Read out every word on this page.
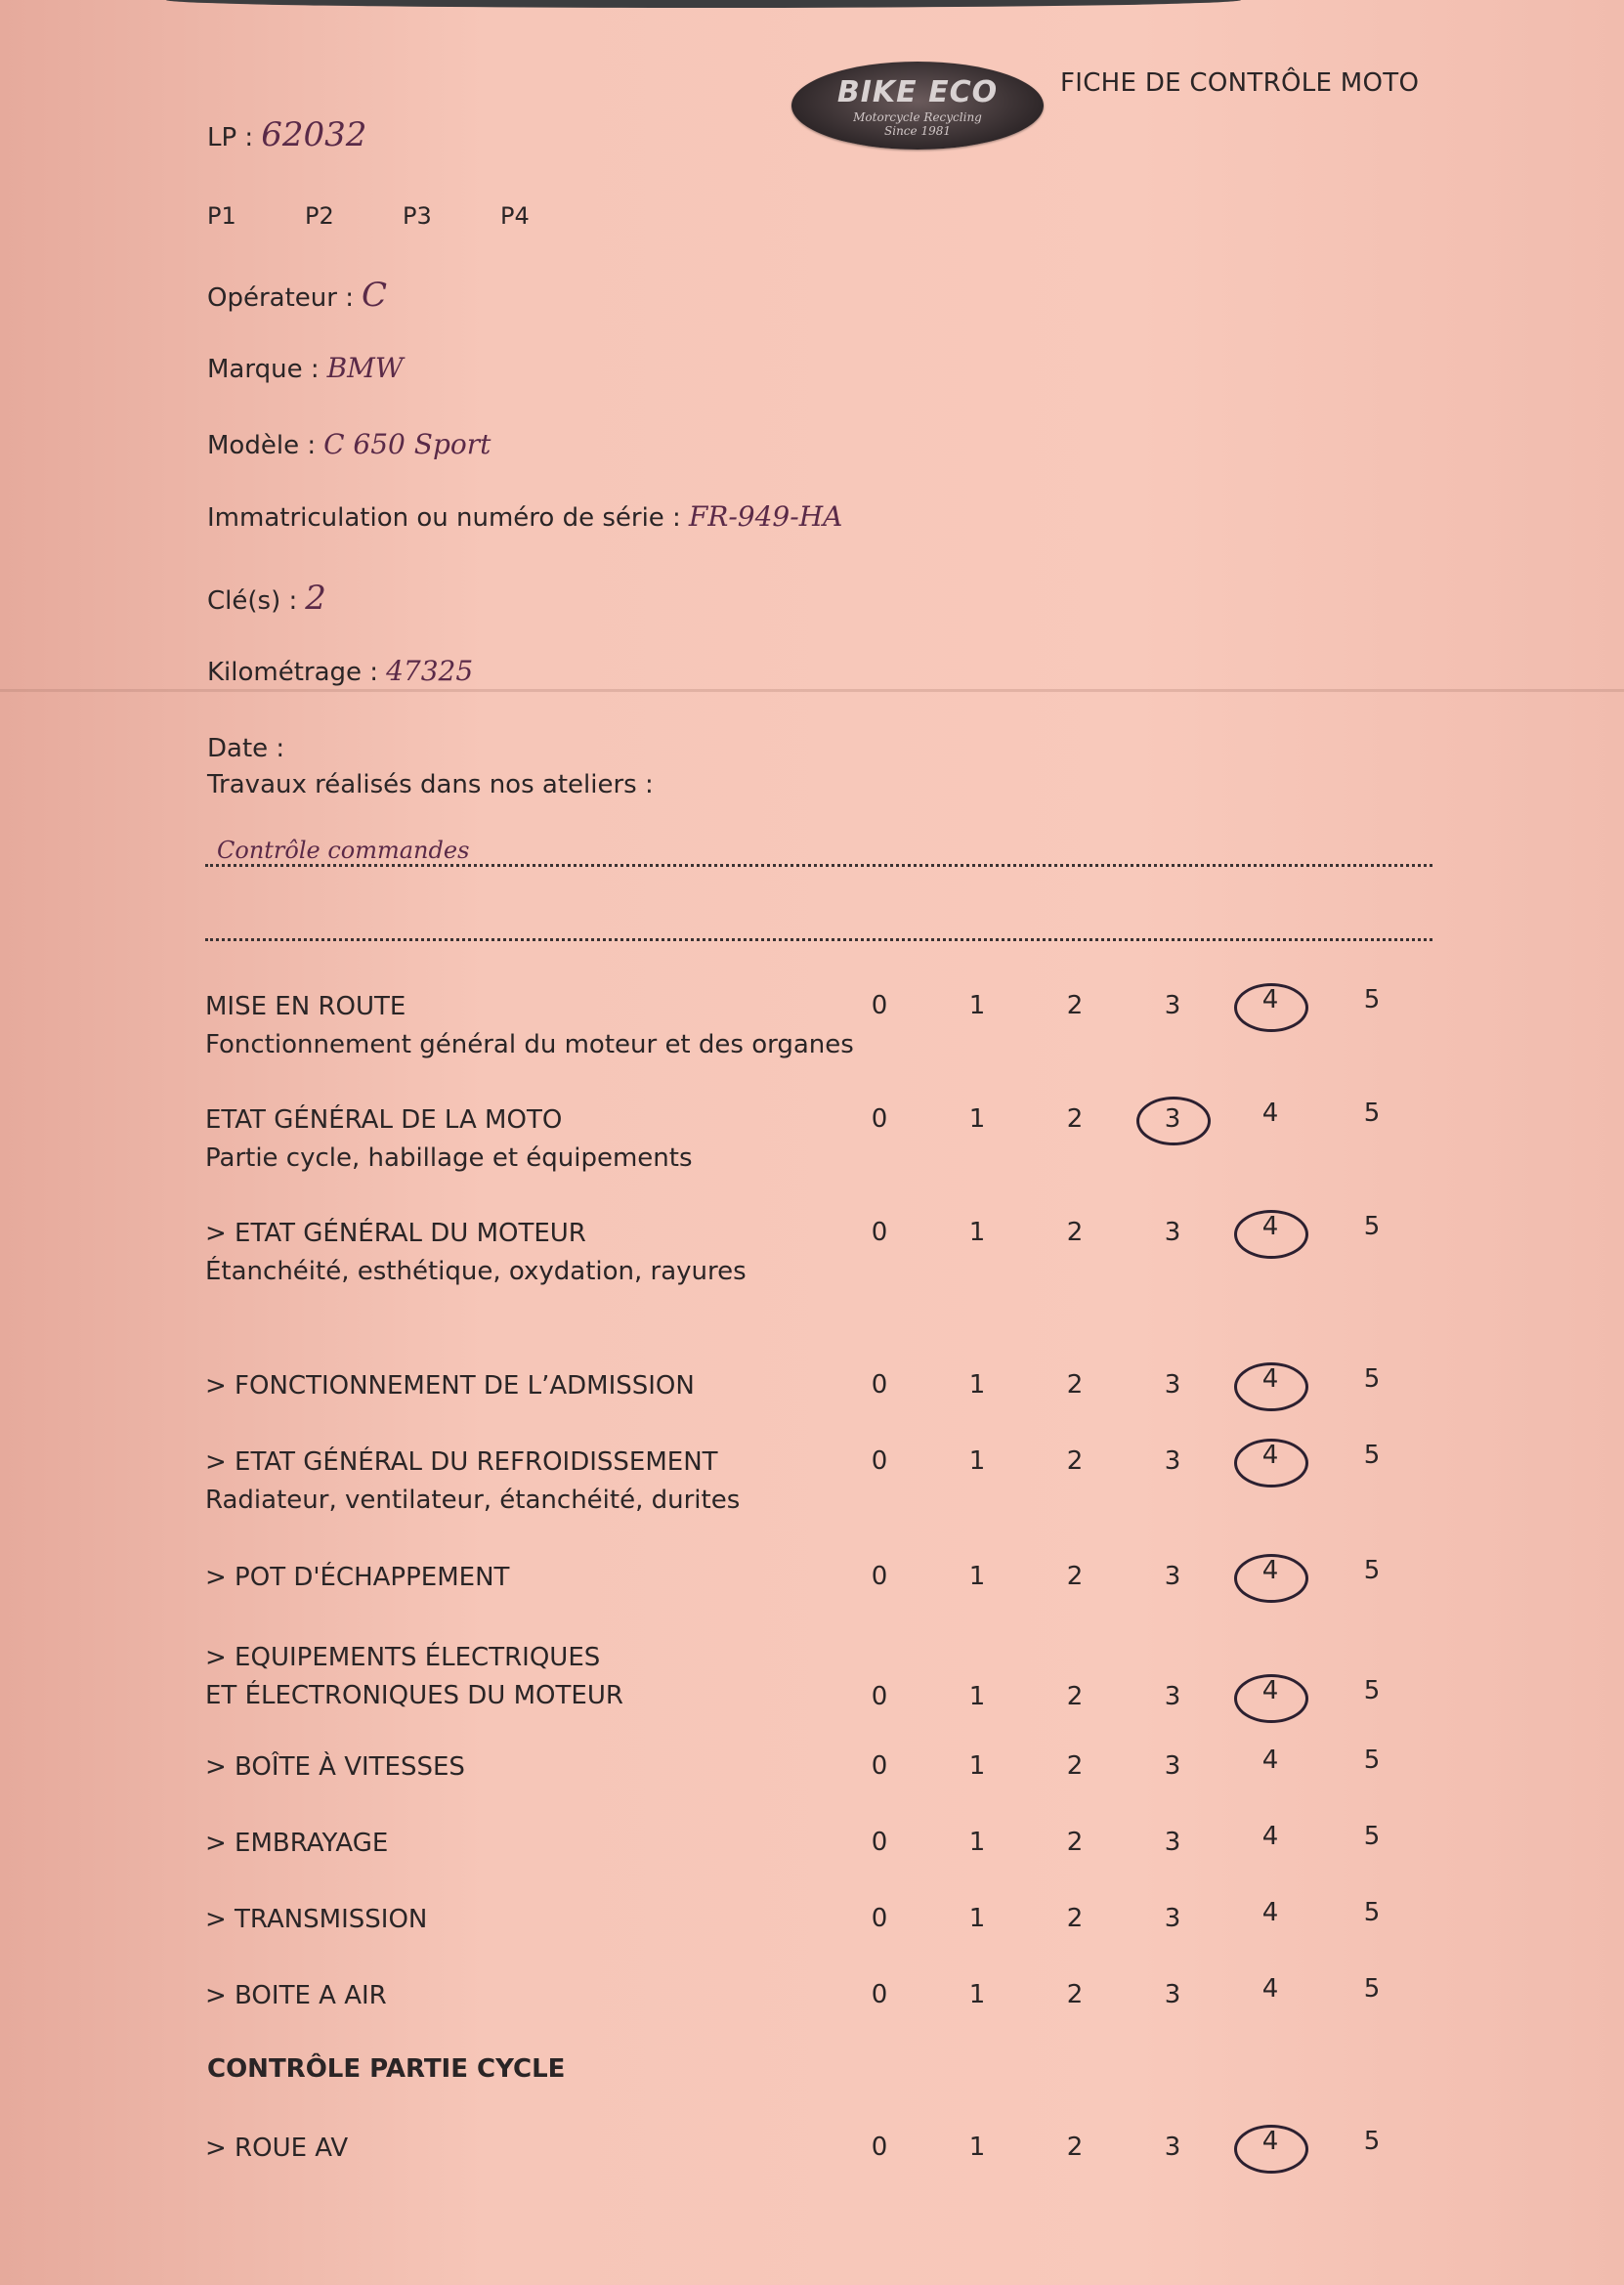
BIKE ECO
Motorcycle Recycling
Since 1981
FICHE DE CONTRÔLE MOTO
LP : 62032
P1	P2	P3	P4
Opérateur : C
Marque : BMW
Modèle : C 650 Sport
Immatriculation ou numéro de série : FR-949-HA
Clé(s) : 2
Kilométrage : 47325
Date :
Travaux réalisés dans nos ateliers :
Contrôle commandes
MISE EN ROUTE
Fonctionnement général du moteur et des organes
0	1	2	3	4	5
ETAT GÉNÉRAL DE LA MOTO
Partie cycle, habillage et équipements
0	1	2	3	4	5
> ETAT GÉNÉRAL DU MOTEUR
Étanchéité, esthétique, oxydation, rayures
0	1	2	3	4	5
> FONCTIONNEMENT DE L’ADMISSION	0	1	2	3	4	5
> ETAT GÉNÉRAL DU REFROIDISSEMENT
Radiateur, ventilateur, étanchéité, durites
0	1	2	3	4	5
> POT D'ÉCHAPPEMENT	0	1	2	3	4	5
> EQUIPEMENTS ÉLECTRIQUES
ET ÉLECTRONIQUES DU MOTEUR	0	1	2	3	4	5
> BOÎTE À VITESSES	0	1	2	3	4	5
> EMBRAYAGE	0	1	2	3	4	5
> TRANSMISSION	0	1	2	3	4	5
> BOITE A AIR	0	1	2	3	4	5
CONTRÔLE PARTIE CYCLE
> ROUE AV	0	1	2	3	4	5
